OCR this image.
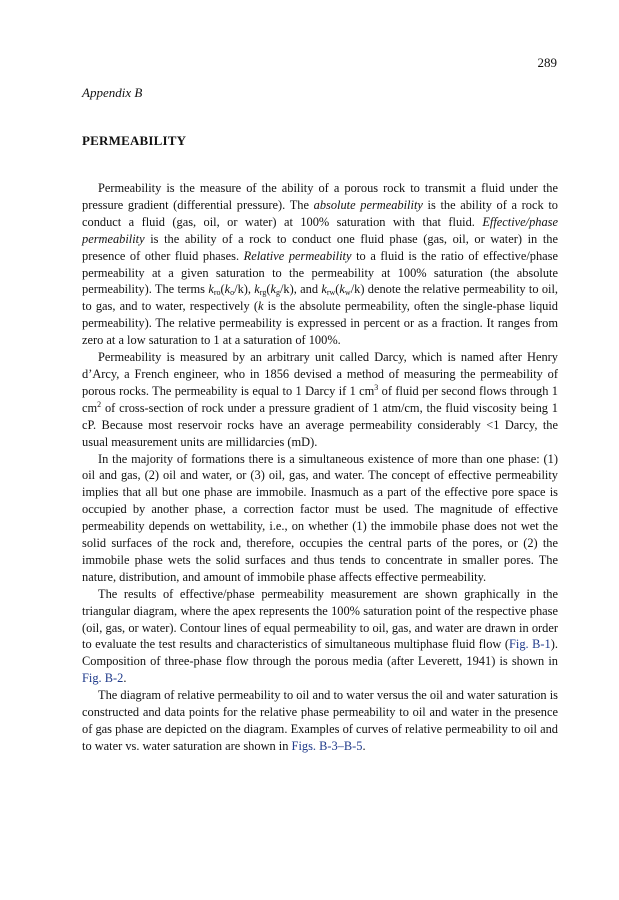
289
Appendix B
PERMEABILITY

Permeability is the measure of the ability of a porous rock to transmit a fluid under the pressure gradient (differential pressure). The absolute permeability is the ability of a rock to conduct a fluid (gas, oil, or water) at 100% saturation with that fluid. Effective/phase permeability is the ability of a rock to conduct one fluid phase (gas, oil, or water) in the presence of other fluid phases. Relative permeability to a fluid is the ratio of effective/phase permeability at a given saturation to the permeability at 100% saturation (the absolute permeability). The terms $k_{ro}(k_o/k)$, $k_{rg}(k_g/k)$, and $k_{rw}(k_w/k)$ denote the relative permeability to oil, to gas, and to water, respectively (k is the absolute permeability, often the single-phase liquid permeability). The relative permeability is expressed in percent or as a fraction. It ranges from zero at a low saturation to 1 at a saturation of 100%.

Permeability is measured by an arbitrary unit called Darcy, which is named after Henry d’Arcy, a French engineer, who in 1856 devised a method of measuring the permeability of porous rocks. The permeability is equal to 1 Darcy if 1 $cm^3$ of fluid per second flows through 1 $cm^2$ of cross-section of rock under a pressure gradient of 1 atm/cm, the fluid viscosity being 1 cP. Because most reservoir rocks have an average permeability considerably <1 Darcy, the usual measurement units are millidarcies (mD).

In the majority of formations there is a simultaneous existence of more than one phase: (1) oil and gas, (2) oil and water, or (3) oil, gas, and water. The concept of effective permeability implies that all but one phase are immobile. Inasmuch as a part of the effective pore space is occupied by another phase, a correction factor must be used. The magnitude of effective permeability depends on wettability, i.e., on whether (1) the immobile phase does not wet the solid surfaces of the rock and, therefore, occupies the central parts of the pores, or (2) the immobile phase wets the solid surfaces and thus tends to concentrate in smaller pores. The nature, distribution, and amount of immobile phase affects effective permeability.

The results of effective/phase permeability measurement are shown graphically in the triangular diagram, where the apex represents the 100% saturation point of the respective phase (oil, gas, or water). Contour lines of equal permeability to oil, gas, and water are drawn in order to evaluate the test results and characteristics of simultaneous multiphase fluid flow (Fig. B-1). Composition of three-phase flow through the porous media (after Leverett, 1941) is shown in Fig. B-2.

The diagram of relative permeability to oil and to water versus the oil and water saturation is constructed and data points for the relative phase permeability to oil and water in the presence of gas phase are depicted on the diagram. Examples of curves of relative permeability to oil and to water vs. water saturation are shown in Figs. B-3–B-5.
